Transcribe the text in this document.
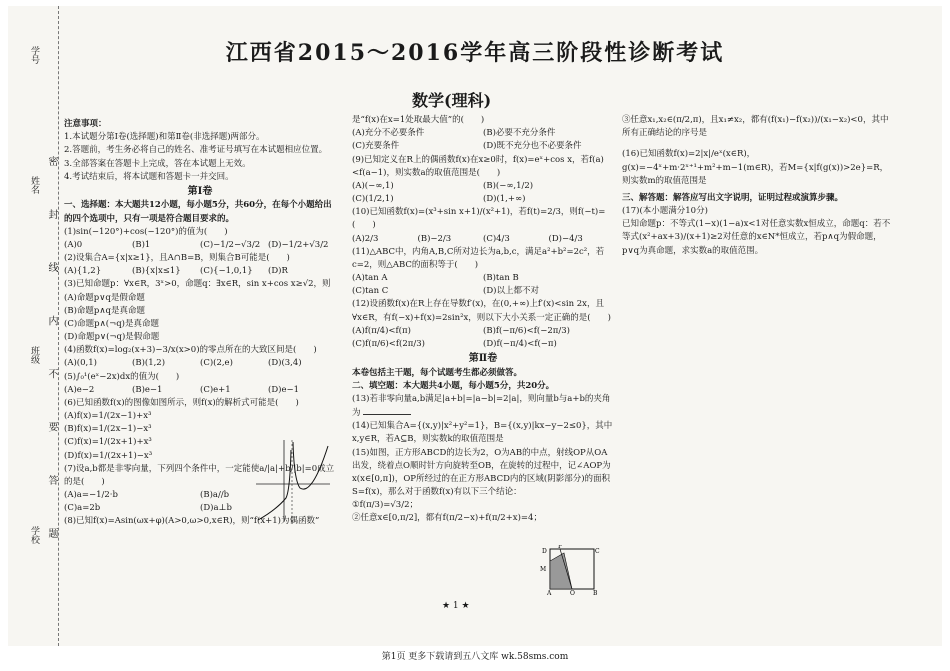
学号
姓名
班级
学校 密 封 线 内 不 要 答 题
江西省2015～2016学年高三阶段性诊断考试
数学(理科)

注意事项：

1.本试题分第Ⅰ卷(选择题)和第Ⅱ卷(非选择题)两部分。

2.答题前，考生务必将自己的姓名、准考证号填写在本试题相应位置。

3.全部答案在答题卡上完成，答在本试题上无效。

4.考试结束后，将本试题和答题卡一并交回。

第Ⅰ卷

一、选择题：本大题共12小题，每小题5分，共60分，在每个小题给出的四个选项中，只有一项是符合题目要求的。

(1)sin(−120°)+cos(−120°)的值为(　　)

(A)0	(B)1	(C)−1/2−√3/2 (D)−1/2+√3/2

(2)设集合A={x|x≥1}，且A∩B=B，则集合B可能是(　　)

(A){1,2}	(B){x|x≤1}	(C){−1,0,1}	(D)R

(3)已知命题p：∀x∈R，3ˣ>0，命题q：∃x∈R，sin x+cos x≥√2，则

(A)命题p∨q是假命题

(B)命题p∧q是真命题

(C)命题p∧(¬q)是真命题

(D)命题p∨(¬q)是假命题

(4)函数f(x)=log₂(x+3)−3/x(x>0)的零点所在的大致区间是(　　)

(A)(0,1)	(B)(1,2)	(C)(2,e)	(D)(3,4)

(5)∫₀¹(eˣ−2x)dx的值为(　　)

(A)e−2	(B)e−1	(C)e+1	(D)e−1

(6)已知函数f(x)的图像如图所示，则f(x)的解析式可能是(　　)

(A)f(x)=1/(2x−1)+x³

(B)f(x)=1/(2x−1)−x³

(C)f(x)=1/(2x+1)+x³

(D)f(x)=1/(2x+1)−x³

(7)设a,b都是非零向量，下列四个条件中，一定能使a/|a|+b/|b|=0成立的是(　　)

(A)a=−1/2·b	(B)a//b
(C)a=2b	(D)a⊥b

(8)已知f(x)=Asin(ωx+φ)(A>0,ω>0,x∈R)，则“f(x+1)为偶函数”

是“f(x)在x=1处取最大值”的(　　)

(A)充分不必要条件	(B)必要不充分条件
(C)充要条件	(D)既不充分也不必要条件

(9)已知定义在R上的偶函数f(x)在x≥0时，f(x)=eˣ+cos x，若f(a)<f(a−1)，则实数a的取值范围是(　　)

(A)(−∞,1)	(B)(−∞,1/2)
(C)(1/2,1)	(D)(1,+∞)

(10)已知函数f(x)=(x³+sin x+1)/(x²+1)，若f(t)=2/3，则f(−t)=(　　)

(A)2/3	(B)−2/3	(C)4/3	(D)−4/3

(11)△ABC中，内角A,B,C所对边长为a,b,c，满足a²+b²=2c²，若c=2，则△ABC的面积等于(　　)

(A)tan A	(B)tan B
(C)tan C	(D)以上都不对

(12)设函数f(x)在R上存在导数f′(x)，在(0,+∞)上f′(x)<sin 2x，且∀x∈R，有f(−x)+f(x)=2sin²x，则以下大小关系一定正确的是(　　)

(A)f(π/4)<f(π)	(B)f(−π/6)<f(−2π/3)
(C)f(π/6)<f(2π/3)	(D)f(−π/4)<f(−π)

第Ⅱ卷

本卷包括主干题，每个试题考生都必须做答。

二、填空题：本大题共4小题，每小题5分，共20分。

(13)若非零向量a,b满足|a+b|=|a−b|=2|a|，则向量b与a+b的夹角为

(14)已知集合A={(x,y)|x²+y²=1}，B={(x,y)|kx−y−2≤0}，其中x,y∈R，若A⊆B，则实数k的取值范围是

(15)如图，正方形ABCD的边长为2，O为AB的中点，射线OP从OA出发，绕着点O顺时针方向旋转至OB，在旋转的过程中，记∠AOP为x(x∈[0,π])，OP所经过的在正方形ABCD内的区域(阴影部分)的面积S=f(x)，那么对于函数f(x)有以下三个结论：

①f(π/3)=√3/2；

②任意x∈[0,π/2]，都有f(π/2−x)+f(π/2+x)=4；

D	C
P
M
A	O	B

③任意x₁,x₂∈(π/2,π)，且x₁≠x₂，都有(f(x₁)−f(x₂))/(x₁−x₂)<0，其中所有正确结论的序号是

(16)已知函数f(x)=2|x|/eˣ(x∈R)，g(x)=−4ˣ+m·2ˣ⁺¹+m²+m−1(m∈R)，若M={x|f(g(x))>2e}=R，则实数m的取值范围是

三、解答题：解答应写出文字说明，证明过程或演算步骤。

(17)(本小题满分10分)

已知命题p：不等式(1−x)(1−a)x<1对任意实数x恒成立，命题q：若不等式(x²+ax+3)/(x+1)≥2对任意的x∈N*恒成立，若p∧q为假命题，p∨q为真命题，求实数a的取值范围。

★ 1 ★
第1页 更多下载请到五八文库 wk.58sms.com
